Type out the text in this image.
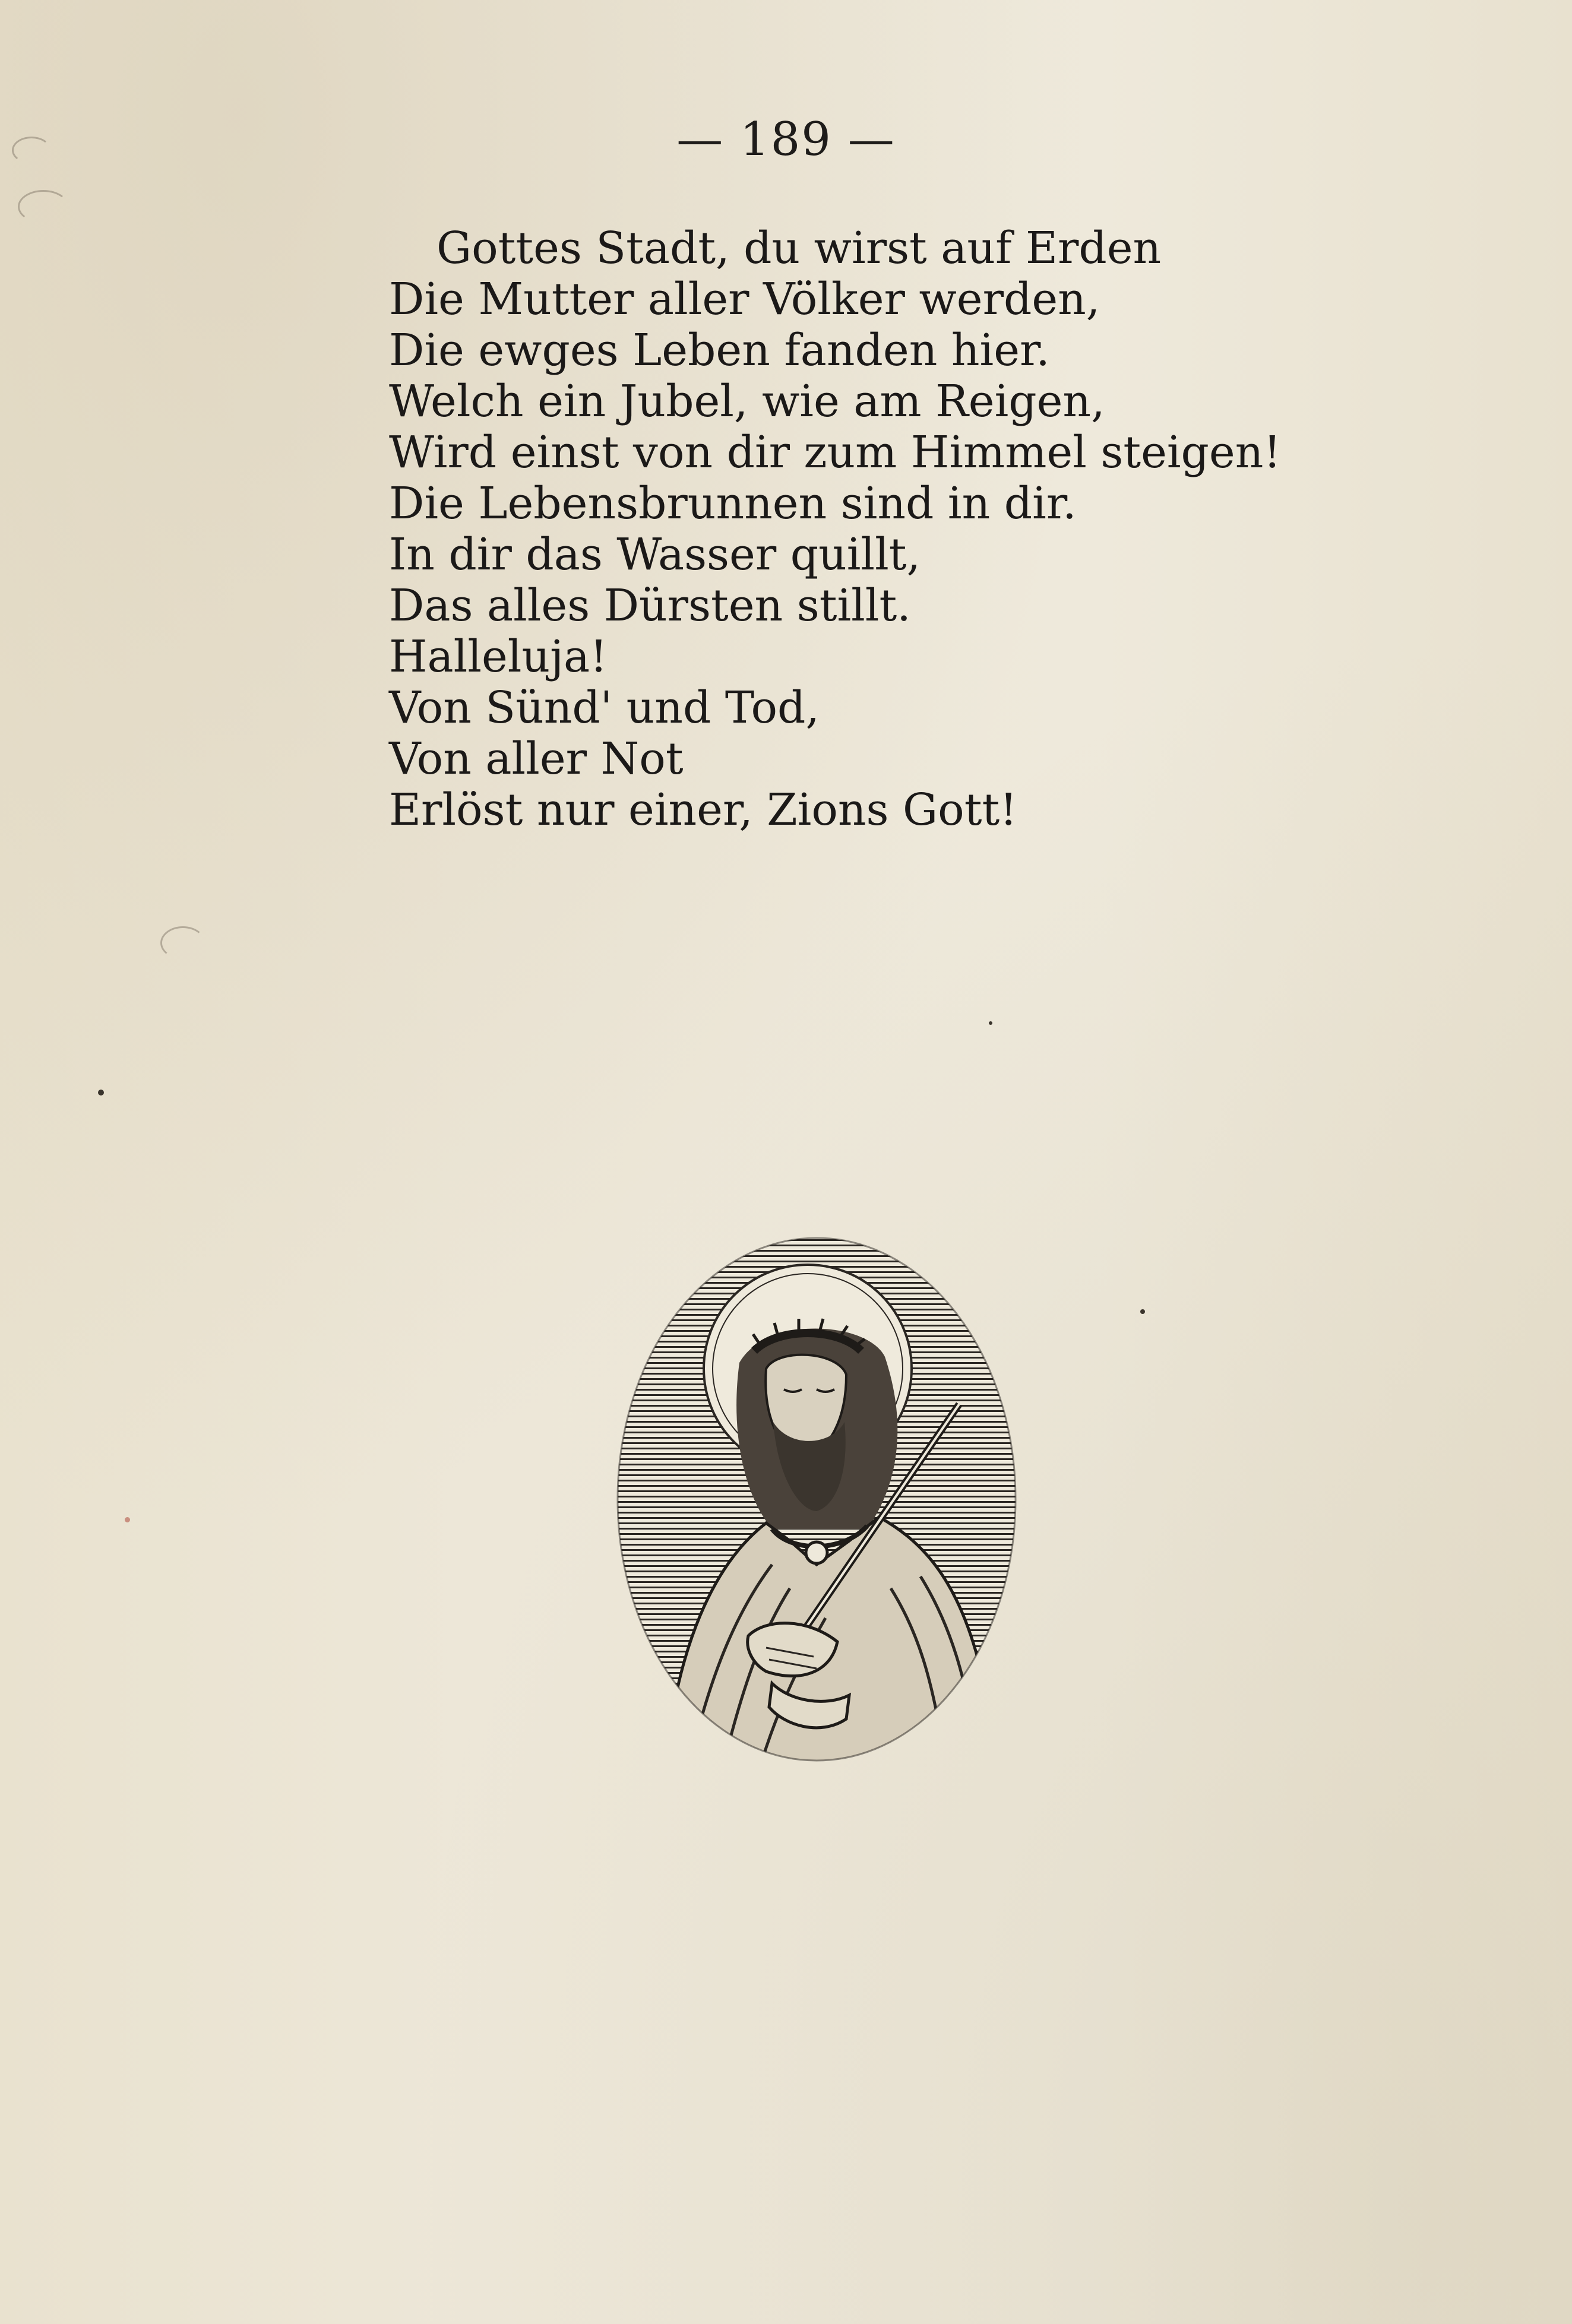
— 189 —
Gottes Stadt, du wirst auf Erden
Die Mutter aller Völker werden,
Die ewges Leben fanden hier.
Welch ein Jubel, wie am Reigen,
Wird einst von dir zum Himmel steigen!
Die Lebensbrunnen sind in dir.
In dir das Wasser quillt,
Das alles Dürsten stillt.
Halleluja!
Von Sünd' und Tod,
Von aller Not
Erlöst nur einer, Zions Gott!
